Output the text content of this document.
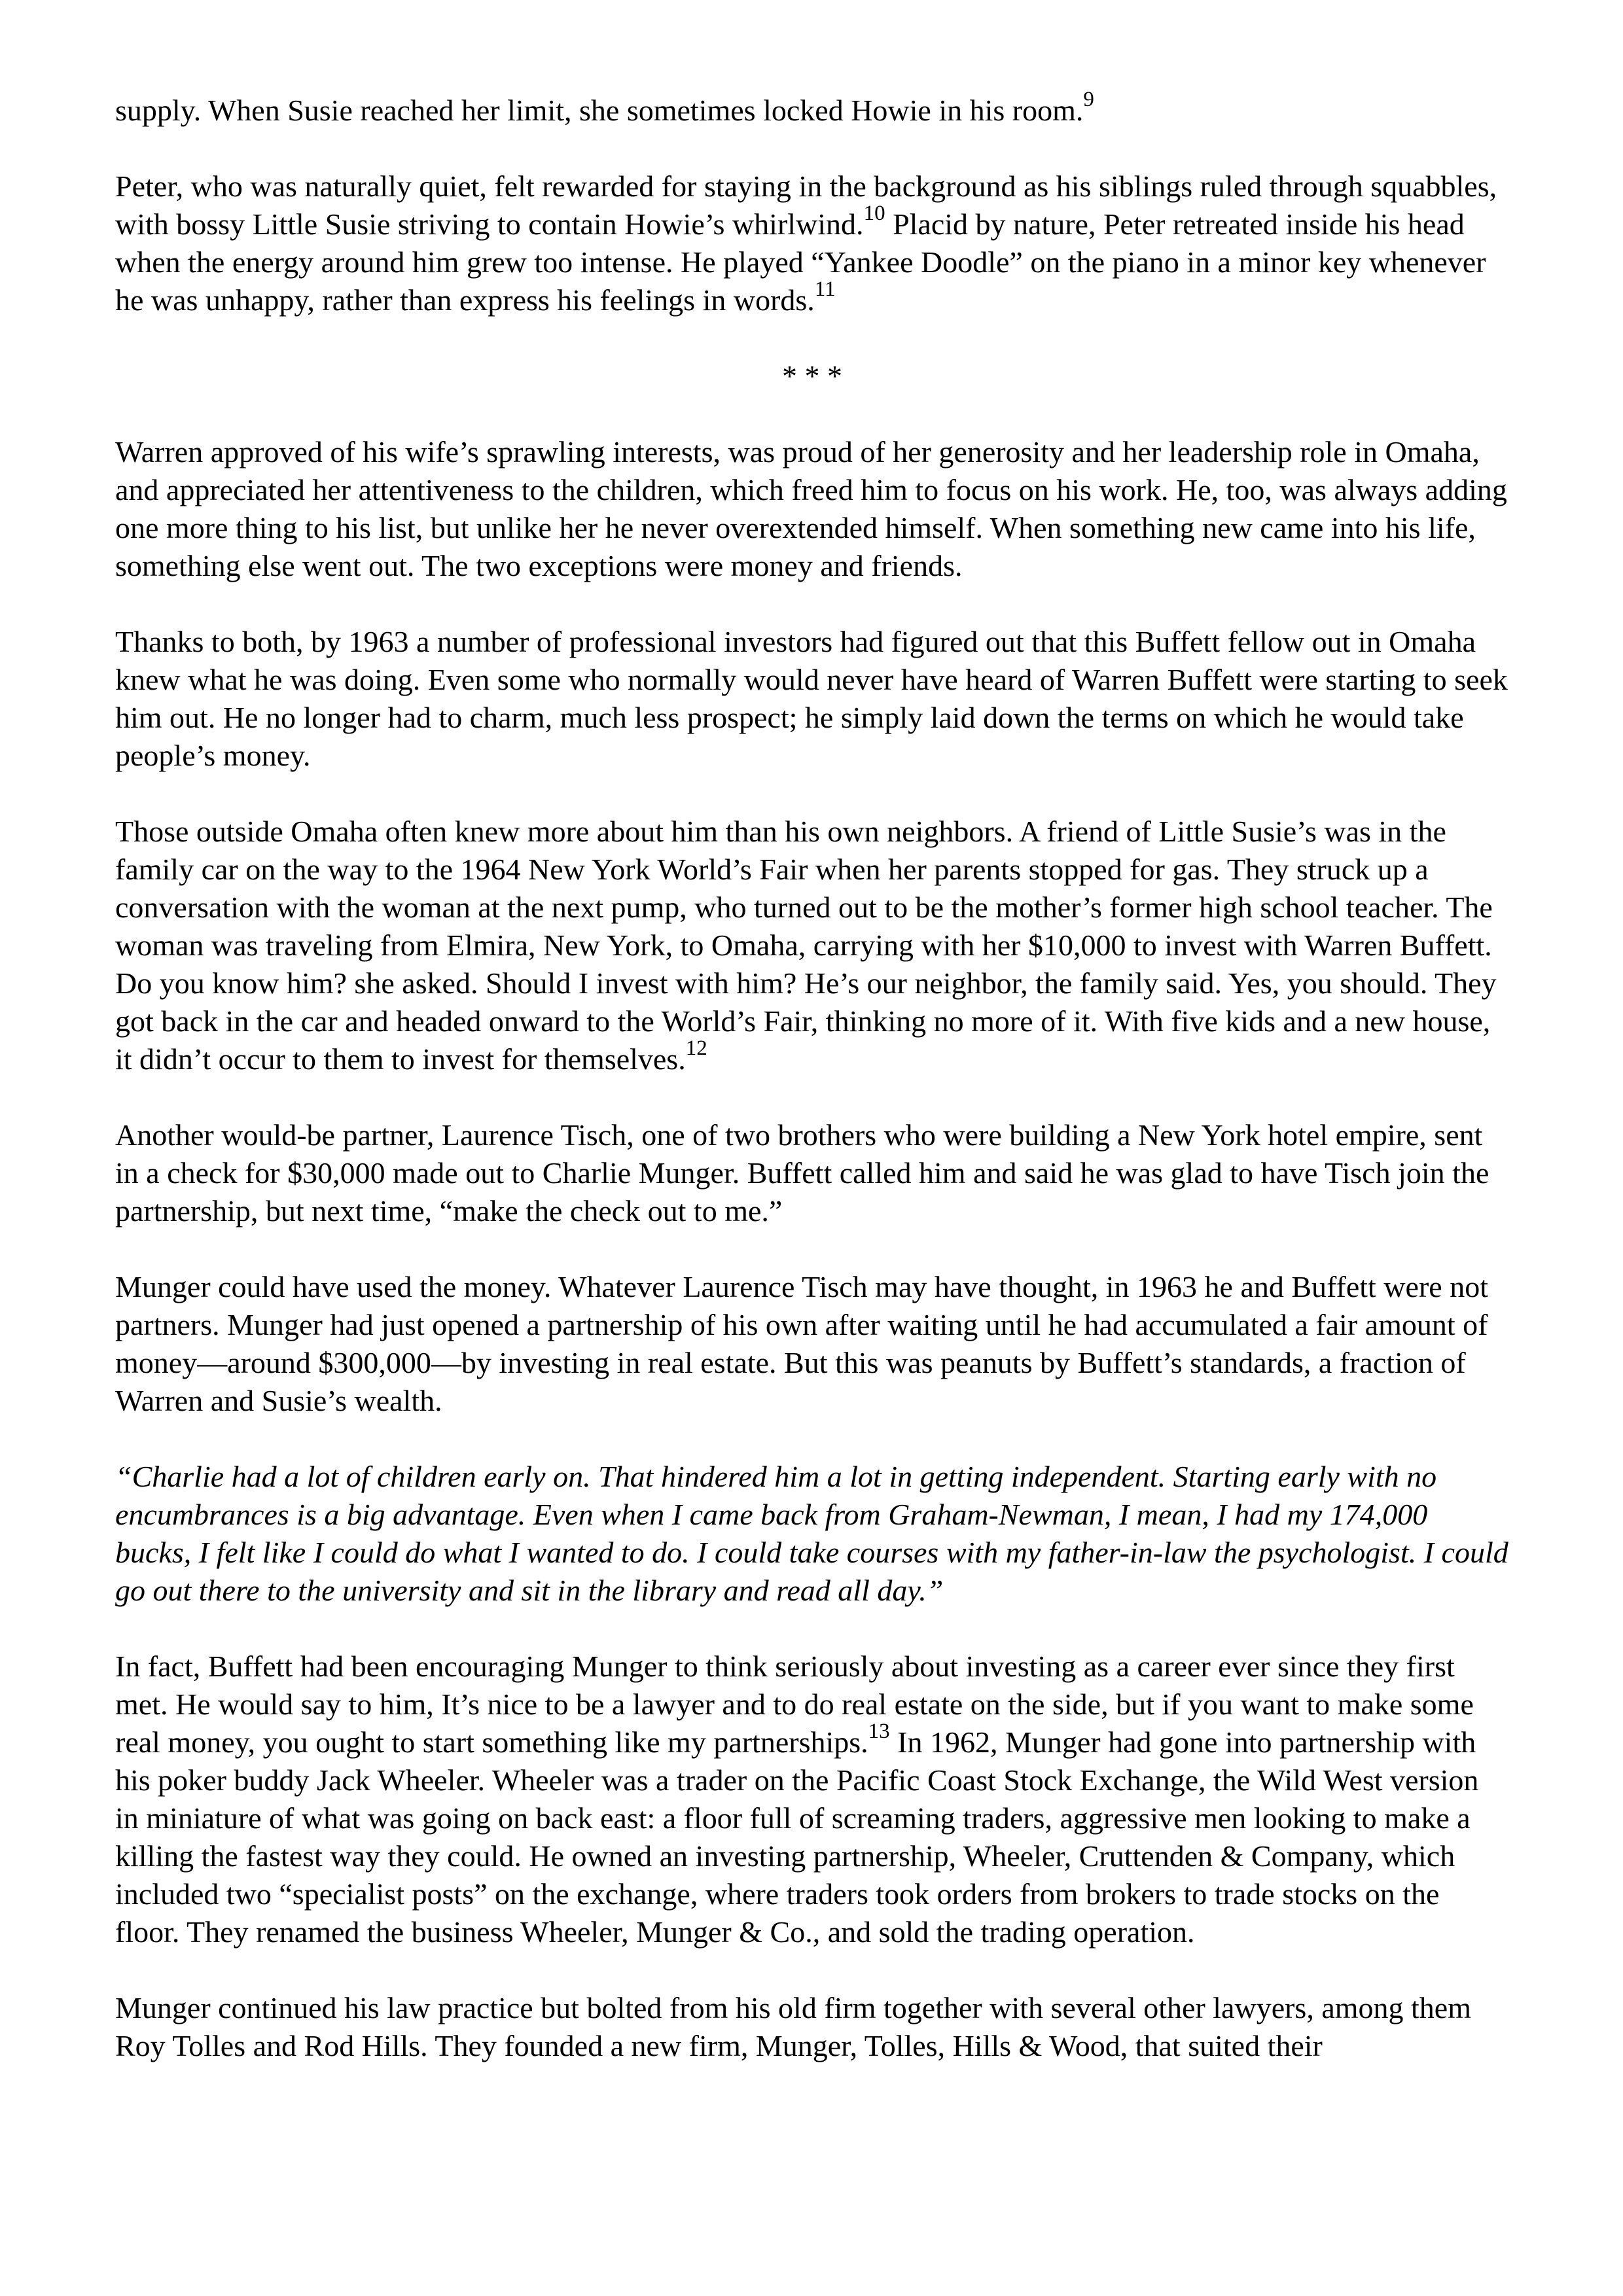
supply. When Susie reached her limit, she sometimes locked Howie in his room.$^9$

Peter, who was naturally quiet, felt rewarded for staying in the background as his siblings ruled through squabbles, with bossy Little Susie striving to contain Howie’s whirlwind.$^{10}$ Placid by nature, Peter retreated inside his head when the energy around him grew too intense. He played “Yankee Doodle” on the piano in a minor key whenever he was unhappy, rather than express his feelings in words.$^{11}$

* * *

Warren approved of his wife’s sprawling interests, was proud of her generosity and her leadership role in Omaha, and appreciated her attentiveness to the children, which freed him to focus on his work. He, too, was always adding one more thing to his list, but unlike her he never overextended himself. When something new came into his life, something else went out. The two exceptions were money and friends.

Thanks to both, by 1963 a number of professional investors had figured out that this Buffett fellow out in Omaha knew what he was doing. Even some who normally would never have heard of Warren Buffett were starting to seek him out. He no longer had to charm, much less prospect; he simply laid down the terms on which he would take people’s money.

Those outside Omaha often knew more about him than his own neighbors. A friend of Little Susie’s was in the family car on the way to the 1964 New York World’s Fair when her parents stopped for gas. They struck up a conversation with the woman at the next pump, who turned out to be the mother’s former high school teacher. The woman was traveling from Elmira, New York, to Omaha, carrying with her $10,000 to invest with Warren Buffett. Do you know him? she asked. Should I invest with him? He’s our neighbor, the family said. Yes, you should. They got back in the car and headed onward to the World’s Fair, thinking no more of it. With five kids and a new house, it didn’t occur to them to invest for themselves.$^{12}$

Another would-be partner, Laurence Tisch, one of two brothers who were building a New York hotel empire, sent in a check for $30,000 made out to Charlie Munger. Buffett called him and said he was glad to have Tisch join the partnership, but next time, “make the check out to me.”

Munger could have used the money. Whatever Laurence Tisch may have thought, in 1963 he and Buffett were not partners. Munger had just opened a partnership of his own after waiting until he had accumulated a fair amount of money—around $300,000—by investing in real estate. But this was peanuts by Buffett’s standards, a fraction of Warren and Susie’s wealth.

“Charlie had a lot of children early on. That hindered him a lot in getting independent. Starting early with no encumbrances is a big advantage. Even when I came back from Graham-Newman, I mean, I had my 174,000 bucks, I felt like I could do what I wanted to do. I could take courses with my father-in-law the psychologist. I could go out there to the university and sit in the library and read all day.”

In fact, Buffett had been encouraging Munger to think seriously about investing as a career ever since they first met. He would say to him, It’s nice to be a lawyer and to do real estate on the side, but if you want to make some real money, you ought to start something like my partnerships.$^{13}$ In 1962, Munger had gone into partnership with his poker buddy Jack Wheeler. Wheeler was a trader on the Pacific Coast Stock Exchange, the Wild West version in miniature of what was going on back east: a floor full of screaming traders, aggressive men looking to make a killing the fastest way they could. He owned an investing partnership, Wheeler, Cruttenden & Company, which included two “specialist posts” on the exchange, where traders took orders from brokers to trade stocks on the floor. They renamed the business Wheeler, Munger & Co., and sold the trading operation.

Munger continued his law practice but bolted from his old firm together with several other lawyers, among them Roy Tolles and Rod Hills. They founded a new firm, Munger, Tolles, Hills & Wood, that suited their
